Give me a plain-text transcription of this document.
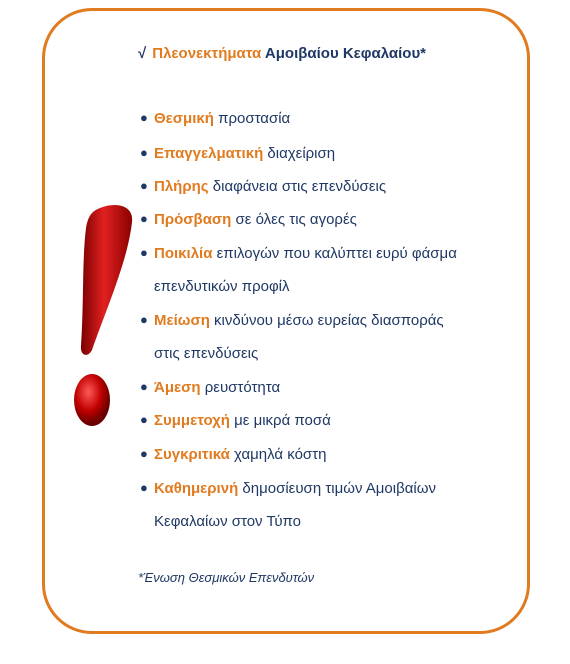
√ Πλεονεκτήματα Αμοιβαίου Κεφαλαίου*
● Θεσμική προστασία
● Επαγγελματική διαχείριση
● Πλήρης διαφάνεια στις επενδύσεις
● Πρόσβαση σε όλες τις αγορές
● Ποικιλία επιλογών που καλύπτει ευρύ φάσμα
επενδυτικών προφίλ
● Μείωση κινδύνου μέσω ευρείας διασποράς
στις επενδύσεις
● Άμεση ρευστότητα
● Συμμετοχή με μικρά ποσά
● Συγκριτικά χαμηλά κόστη
● Καθημερινή δημοσίευση τιμών Αμοιβαίων
Κεφαλαίων στον Τύπο
*Ένωση Θεσμικών Επενδυτών
